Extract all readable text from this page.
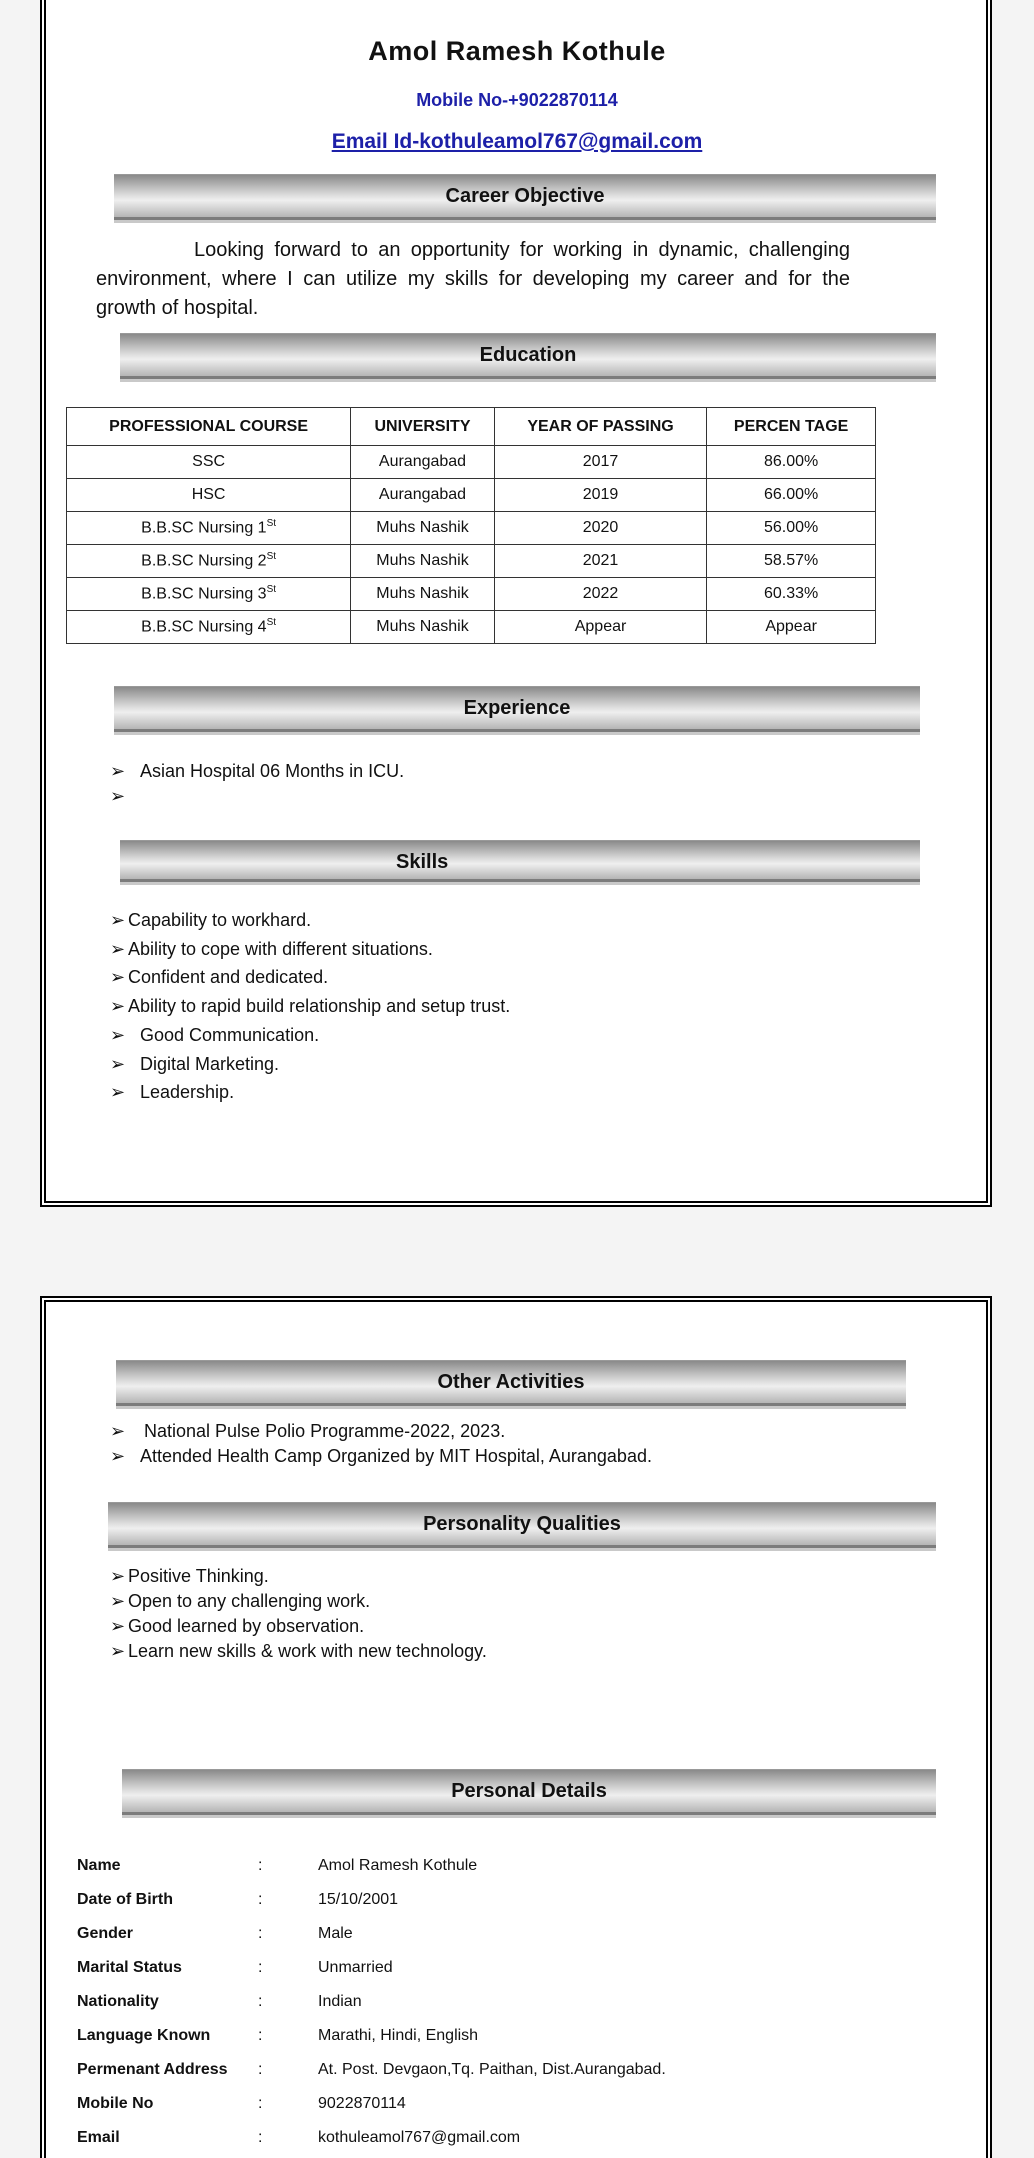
Amol Ramesh Kothule
Mobile No-+9022870114
Email Id-kothuleamol767@gmail.com
Career Objective
Looking forward to an opportunity for working in dynamic, challenging environment, where I can utilize my skills for developing my career and for the growth of hospital.
Education
PROFESSIONAL COURSE	UNIVERSITY	YEAR OF PASSING	PERCEN TAGE
SSC	Aurangabad	2017	86.00%
HSC	Aurangabad	2019	66.00%
B.B.SC Nursing 1St	Muhs Nashik	2020	56.00%
B.B.SC Nursing 2St	Muhs Nashik	2021	58.57%
B.B.SC Nursing 3St	Muhs Nashik	2022	60.33%
B.B.SC Nursing 4St	Muhs Nashik	Appear	Appear
Experience
➢ Asian Hospital 06 Months in ICU.
Skills
➢ Capability to workhard.
➢ Ability to cope with different situations.
➢ Confident and dedicated.
➢ Ability to rapid build relationship and setup trust.
➢ Good Communication.
➢ Digital Marketing.
➢ Leadership.
Other Activities
➢ National Pulse Polio Programme-2022, 2023.
➢ Attended Health Camp Organized by MIT Hospital, Aurangabad.
Personality Qualities
➢ Positive Thinking.
➢ Open to any challenging work.
➢ Good learned by observation.
➢ Learn new skills & work with new technology.
Personal Details
Name	:	Amol Ramesh Kothule
Date of Birth	:	15/10/2001
Gender	:	Male
Marital Status	:	Unmarried
Nationality	:	Indian
Language Known	:	Marathi, Hindi, English
Permenant Address	:	At. Post. Devgaon,Tq. Paithan, Dist.Aurangabad.
Mobile No	:	9022870114
Email	:	kothuleamol767@gmail.com
